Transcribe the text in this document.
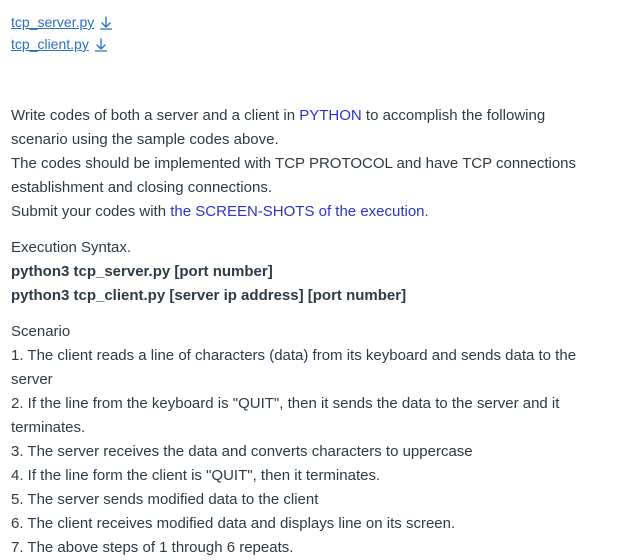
tcp_server.py
tcp_client.py
Write codes of both a server and a client in PYTHON to accomplish the following
scenario using the sample codes above.
The codes should be implemented with TCP PROTOCOL and have TCP connections
establishment and closing connections.
Submit your codes with the SCREEN-SHOTS of the execution.
Execution Syntax.
python3 tcp_server.py [port number]
python3 tcp_client.py [server ip address] [port number]
Scenario
1. The client reads a line of characters (data) from its keyboard and sends data to the
server
2. If the line from the keyboard is "QUIT", then it sends the data to the server and it
terminates.
3. The server receives the data and converts characters to uppercase
4. If the line form the client is "QUIT", then it terminates.
5. The server sends modified data to the client
6. The client receives modified data and displays line on its screen.
7. The above steps of 1 through 6 repeats.
